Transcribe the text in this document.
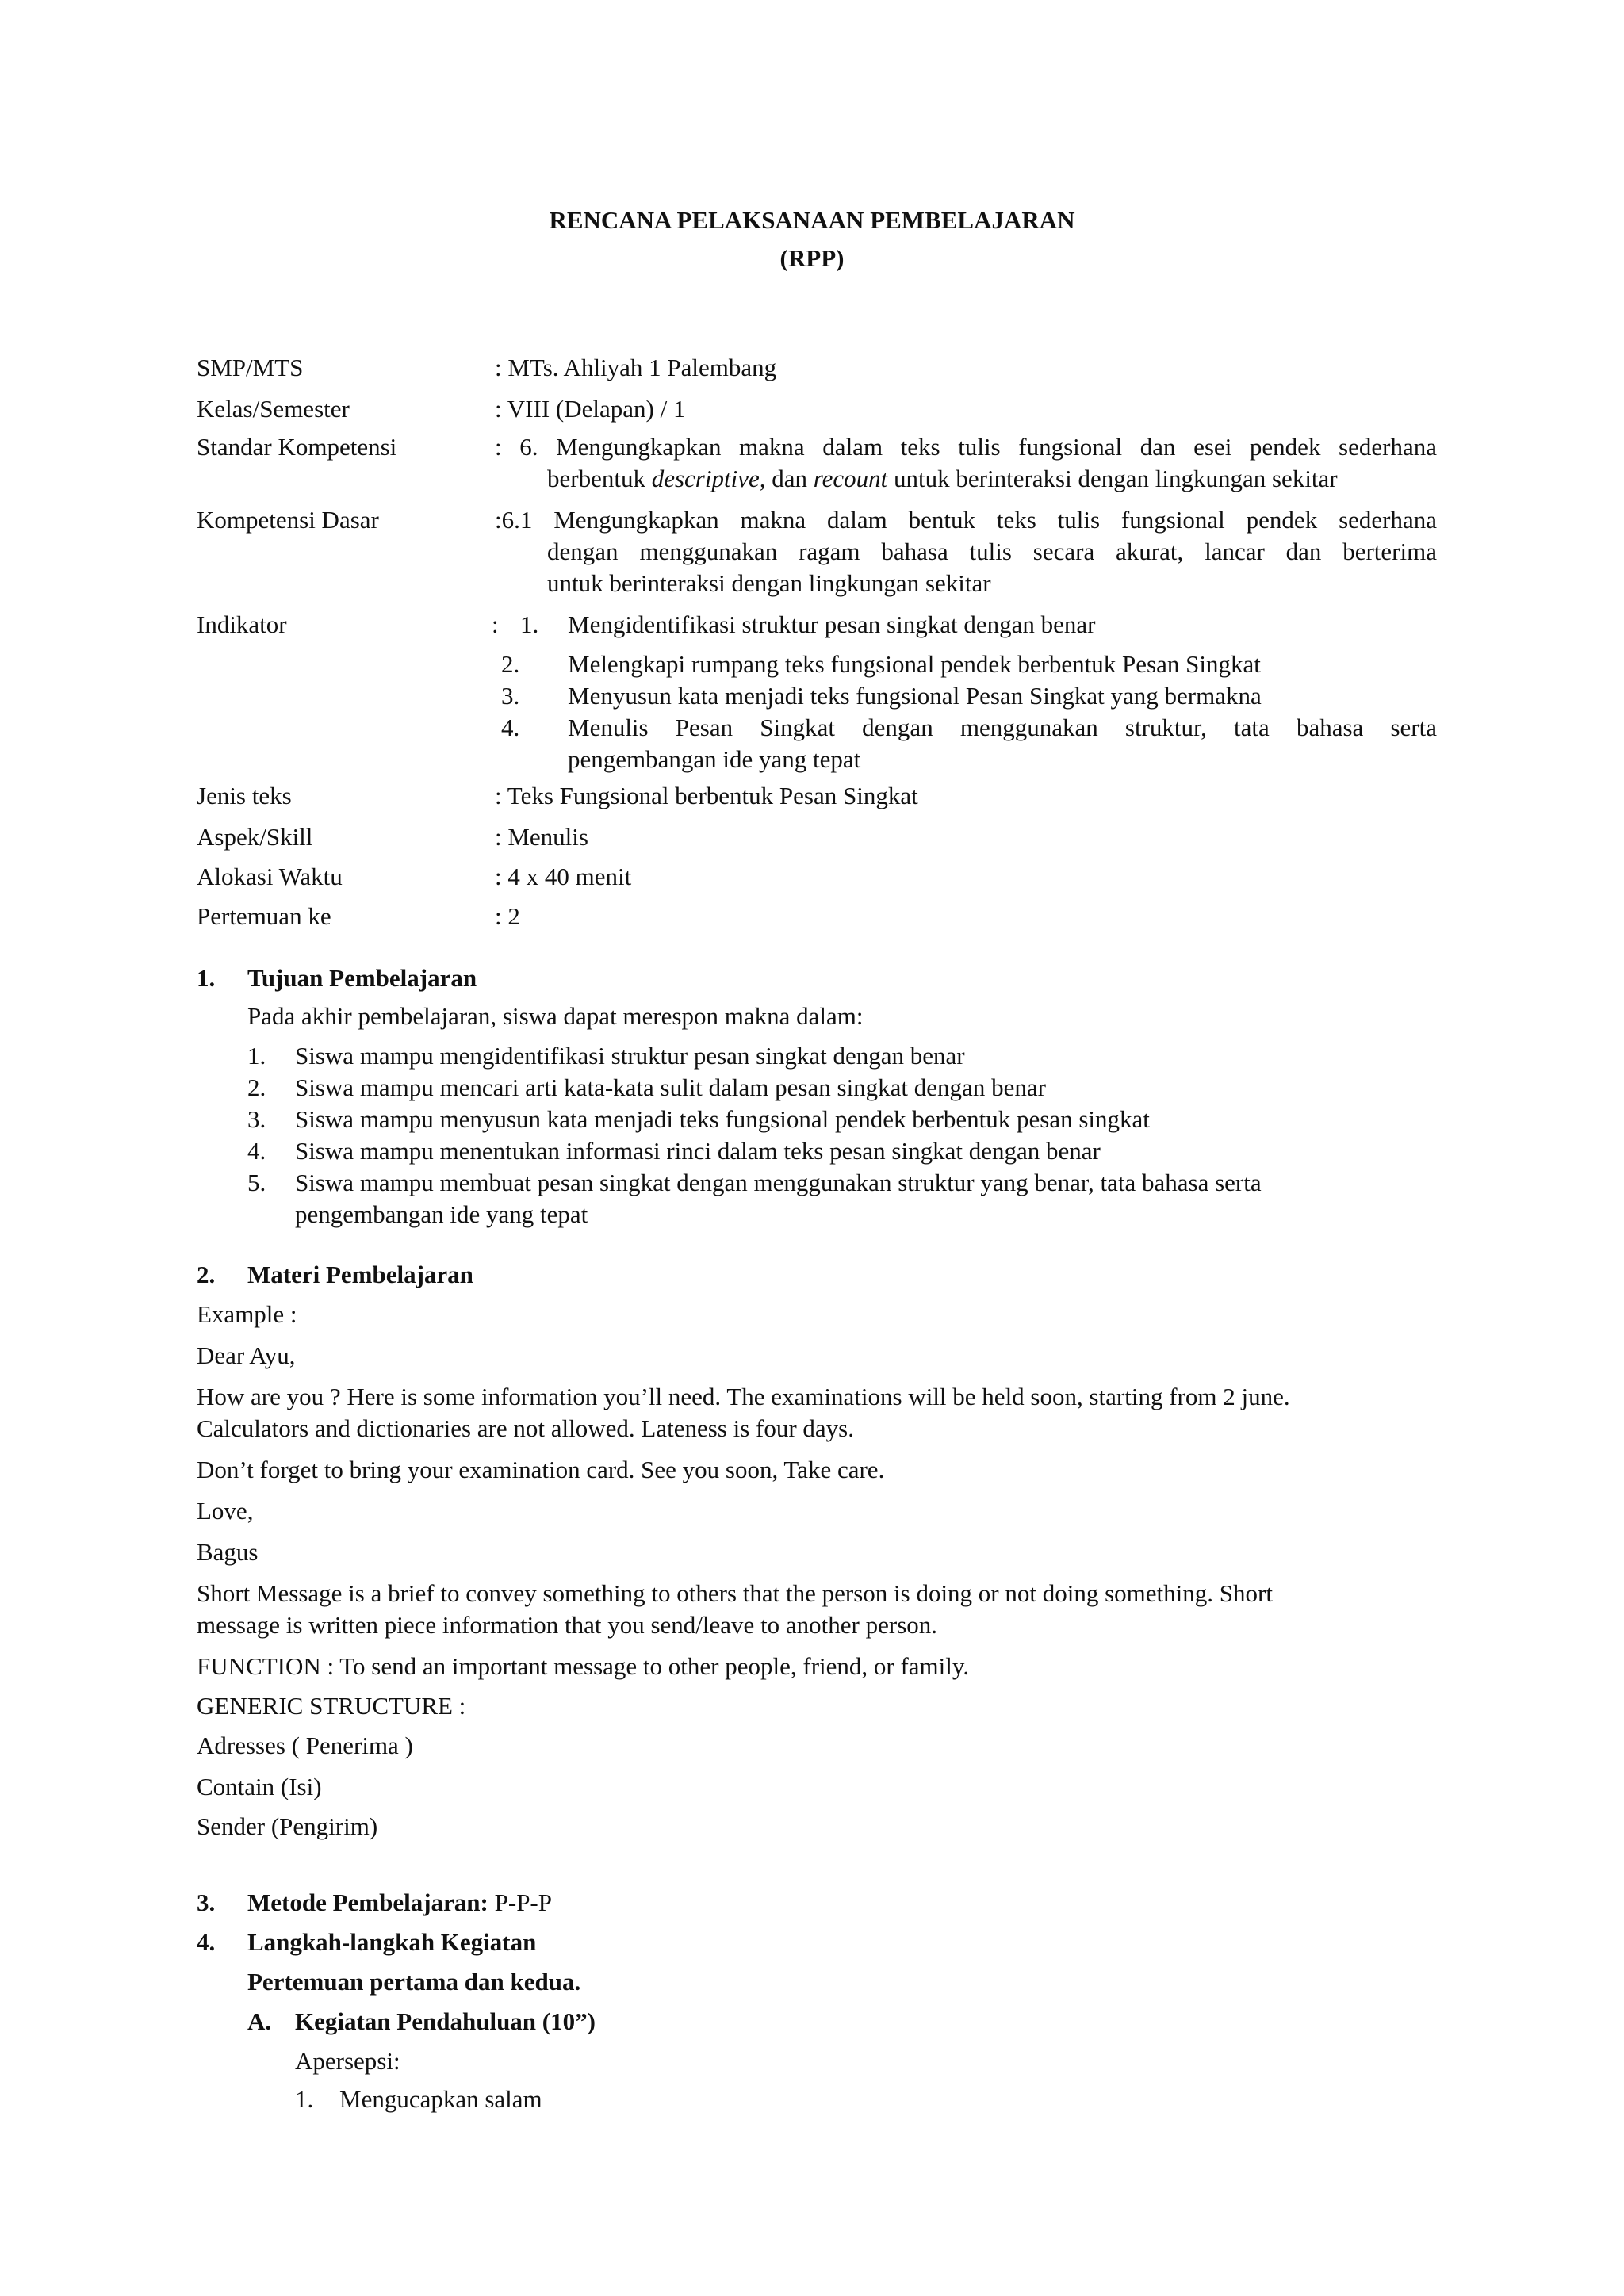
RENCANA PELAKSANAAN PEMBELAJARAN
(RPP)
SMP/MTS	: MTs. Ahliyah 1 Palembang
Kelas/Semester	: VIII (Delapan) / 1
Standar Kompetensi	: 6. Mengungkapkan makna dalam teks tulis fungsional dan esei pendek sederhana
berbentuk descriptive, dan recount untuk berinteraksi dengan lingkungan sekitar
Kompetensi Dasar	:6.1 Mengungkapkan makna dalam bentuk teks tulis fungsional pendek sederhana
dengan menggunakan ragam bahasa tulis secara akurat, lancar dan berterima
untuk berinteraksi dengan lingkungan sekitar
Indikator	: 1. Mengidentifikasi struktur pesan singkat dengan benar
2. Melengkapi rumpang teks fungsional pendek berbentuk Pesan Singkat
3. Menyusun kata menjadi teks fungsional Pesan Singkat yang bermakna
4. Menulis Pesan Singkat dengan menggunakan struktur, tata bahasa serta
pengembangan ide yang tepat
Jenis teks	: Teks Fungsional berbentuk Pesan Singkat
Aspek/Skill	: Menulis
Alokasi Waktu	: 4 x 40 menit
Pertemuan ke	: 2
1. Tujuan Pembelajaran
Pada akhir pembelajaran, siswa dapat merespon makna dalam:
1. Siswa mampu mengidentifikasi struktur pesan singkat dengan benar
2. Siswa mampu mencari arti kata-kata sulit dalam pesan singkat dengan benar
3. Siswa mampu menyusun kata menjadi teks fungsional pendek berbentuk pesan singkat
4. Siswa mampu menentukan informasi rinci dalam teks pesan singkat dengan benar
5. Siswa mampu membuat pesan singkat dengan menggunakan struktur yang benar, tata bahasa serta
pengembangan ide yang tepat
2. Materi Pembelajaran
Example :
Dear Ayu,
How are you ? Here is some information you’ll need. The examinations will be held soon, starting from 2 june.
Calculators and dictionaries are not allowed. Lateness is four days.
Don’t forget to bring your examination card. See you soon, Take care.
Love,
Bagus
Short Message is a brief to convey something to others that the person is doing or not doing something. Short
message is written piece information that you send/leave to another person.
FUNCTION : To send an important message to other people, friend, or family.
GENERIC STRUCTURE :
Adresses ( Penerima )
Contain (Isi)
Sender (Pengirim)
3. Metode Pembelajaran: P-P-P
4. Langkah-langkah Kegiatan
Pertemuan pertama dan kedua.
A. Kegiatan Pendahuluan (10”)
Apersepsi:
1. Mengucapkan salam
